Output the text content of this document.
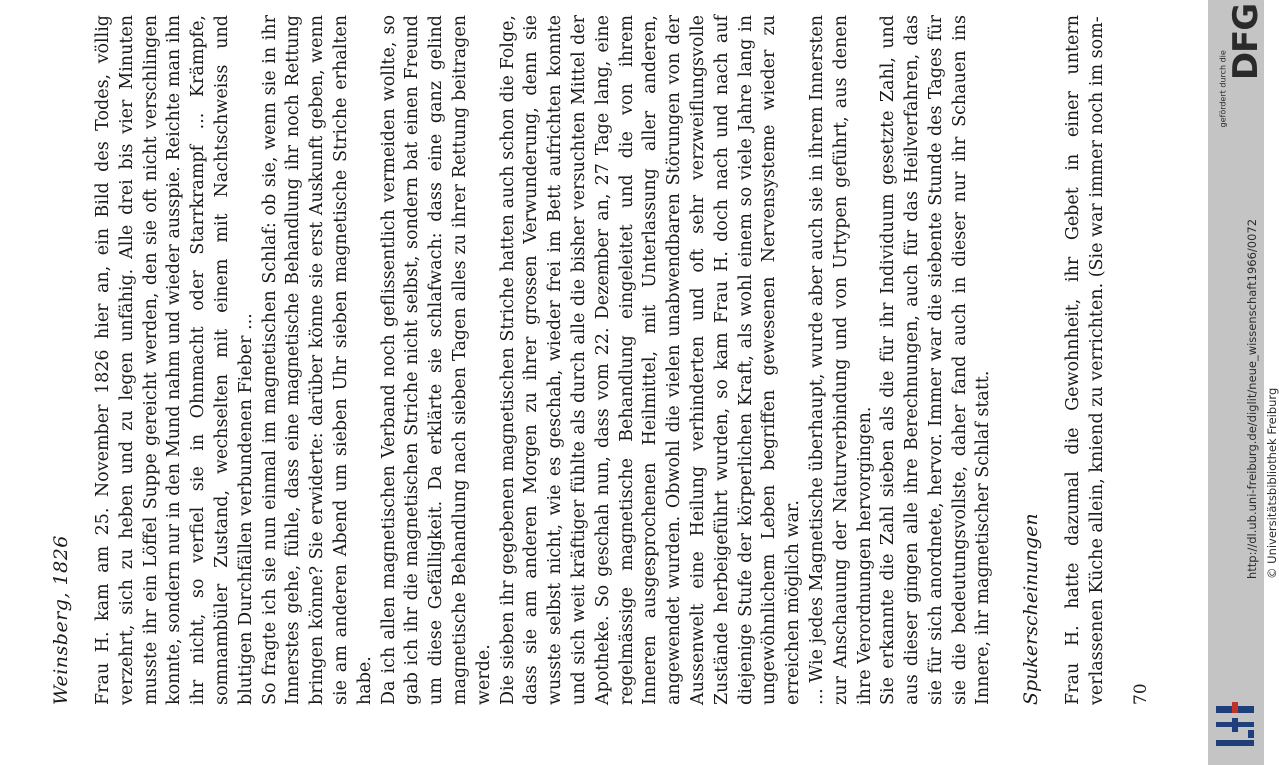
Weinsberg, 1826 Frau H. kam am 25. November 1826 hier an, ein Bild des Todes, völlig verzehrt, sich zu heben und zu legen unfähig. Alle drei bis vier Minuten musste ihr ein Löffel Suppe gereicht werden, den sie oft nicht verschlingen konnte, sondern nur in den Mund nahm und wieder ausspie. Reichte man ihn ihr nicht, so verfiel sie in Ohnmacht oder Starrkrampf ... Krämpfe, somnambüler Zustand, wechselten mit einem mit Nachtschweiss und blutigen Durchfällen verbundenen Fieber ... So fragte ich sie nun einmal im magnetischen Schlaf: ob sie, wenn sie in ihr Innerstes gehe, fühle, dass eine magnetische Behandlung ihr noch Rettung bringen könne? Sie erwiderte: darüber könne sie erst Auskunft geben, wenn sie am anderen Abend um sieben Uhr sieben magnetische Striche erhalten habe. Da ich allen magnetischen Verband noch geflissentlich vermeiden wollte, so gab ich ihr die magnetischen Striche nicht selbst, sondern bat einen Freund um diese Gefälligkeit. Da erklärte sie schlafwach: dass eine ganz gelind magnetische Behandlung nach sieben Tagen alles zu ihrer Rettung beitragen werde. Die sieben ihr gegebenen magnetischen Striche hatten auch schon die Folge, dass sie am anderen Morgen zu ihrer grossen Verwunderung, denn sie wusste selbst nicht, wie es geschah, wieder frei im Bett aufrichten konnte und sich weit kräftiger fühlte als durch alle die bisher versuchten Mittel der Apotheke. So geschah nun, dass vom 22. Dezember an, 27 Tage lang, eine regelmässige magnetische Behandlung eingeleitet und die von ihrem Inneren ausgesprochenen Heilmittel, mit Unterlassung aller anderen, angewendet wurden. Obwohl die vielen unabwendbaren Störungen von der Aussenwelt eine Heilung verhinderten und oft sehr verzweiflungsvolle Zustände herbeigeführt wurden, so kam Frau H. doch nach und nach auf diejenige Stufe der körperlichen Kraft, als wohl einem so viele Jahre lang in ungewöhnlichem Leben begriffen gewesenen Nervensysteme wieder zu erreichen möglich war. ... Wie jedes Magnetische überhaupt, wurde aber auch sie in ihrem Innersten zur Anschauung der Naturverbindung und von Urtypen geführt, aus denen ihre Verordnungen hervorgingen. Sie erkannte die Zahl sieben als die für ihr Individuum gesetzte Zahl, und aus dieser gingen alle ihre Berechnungen, auch für das Heilverfahren, das sie für sich anordnete, hervor. Immer war die siebente Stunde des Tages für sie die bedeutungsvollste, daher fand auch in dieser nur ihr Schauen ins Innere, ihr magnetischer Schlaf statt. Spukerscheinungen Frau H. hatte dazumal die Gewohnheit, ihr Gebet in einer untern verlassenen Küche allein, kniend zu verrichten. (Sie war immer noch im som- 70
DFG
gefördert durch die
http://dl.ub.uni-freiburg.de/diglit/neue_wissenschaft1966/0072 © Universitätsbibliothek Freiburg
